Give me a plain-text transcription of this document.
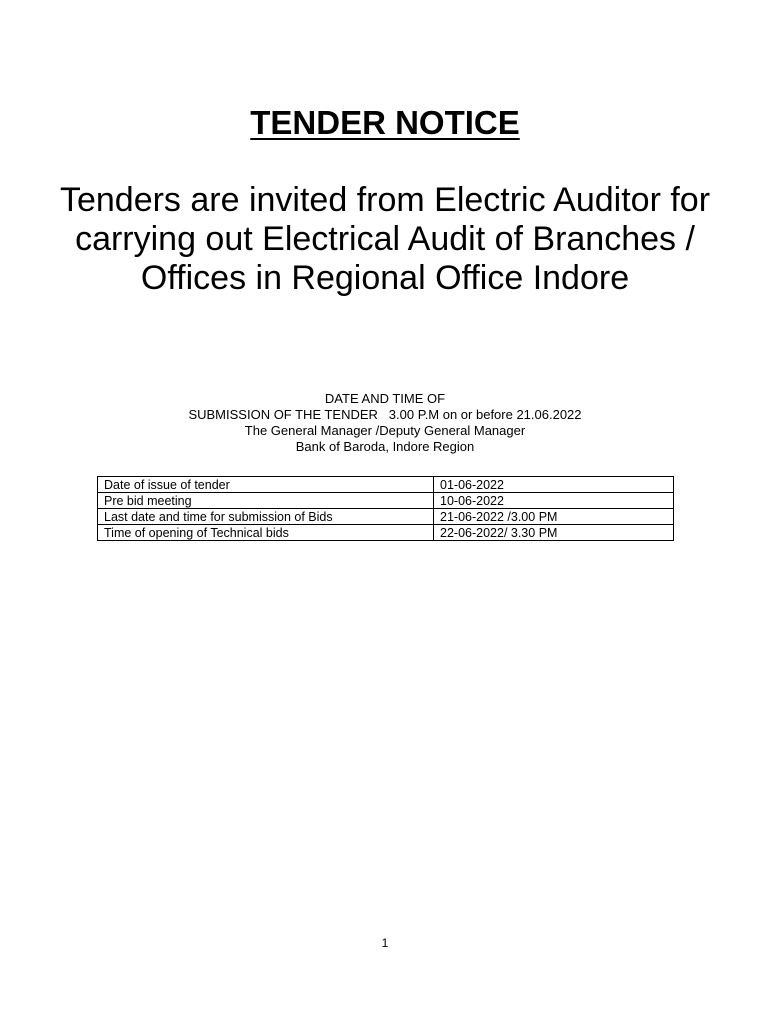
TENDER NOTICE

Tenders are invited from Electric Auditor for carrying out Electrical Audit of Branches / Offices in Regional Office Indore

DATE AND TIME OF
SUBMISSION OF THE TENDER   3.00 P.M on or before 21.06.2022
The General Manager /Deputy General Manager
Bank of Baroda, Indore Region
Date of issue of tender	01-06-2022
Pre bid meeting	10-06-2022
Last date and time for submission of Bids	21-06-2022 /3.00 PM
Time of opening of Technical bids	22-06-2022/ 3.30 PM
1
